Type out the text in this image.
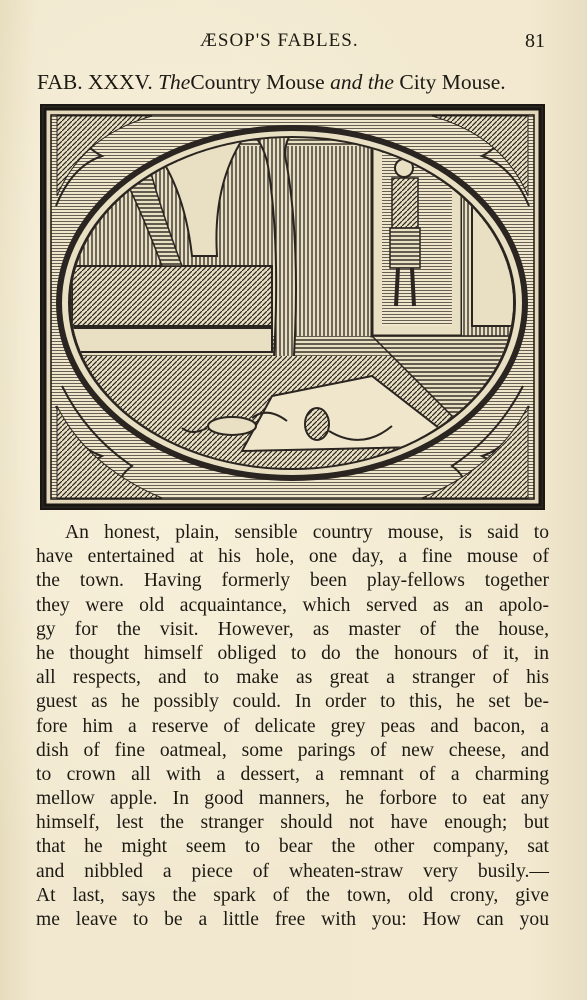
ÆSOP'S FABLES.	81
FAB. XXXV. TheCountry Mouse and the City Mouse.
An honest, plain, sensible country mouse, is said to
have entertained at his hole, one day, a fine mouse of
the town. Having formerly been play-fellows together
they were old acquaintance, which served as an apolo-
gy for the visit. However, as master of the house,
he thought himself obliged to do the honours of it, in
all respects, and to make as great a stranger of his
guest as he possibly could. In order to this, he set be-
fore him a reserve of delicate grey peas and bacon, a
dish of fine oatmeal, some parings of new cheese, and
to crown all with a dessert, a remnant of a charming
mellow apple. In good manners, he forbore to eat any
himself, lest the stranger should not have enough; but
that he might seem to bear the other company, sat
and nibbled a piece of wheaten-straw very busily.—
At last, says the spark of the town, old crony, give
me leave to be a little free with you: How can you
